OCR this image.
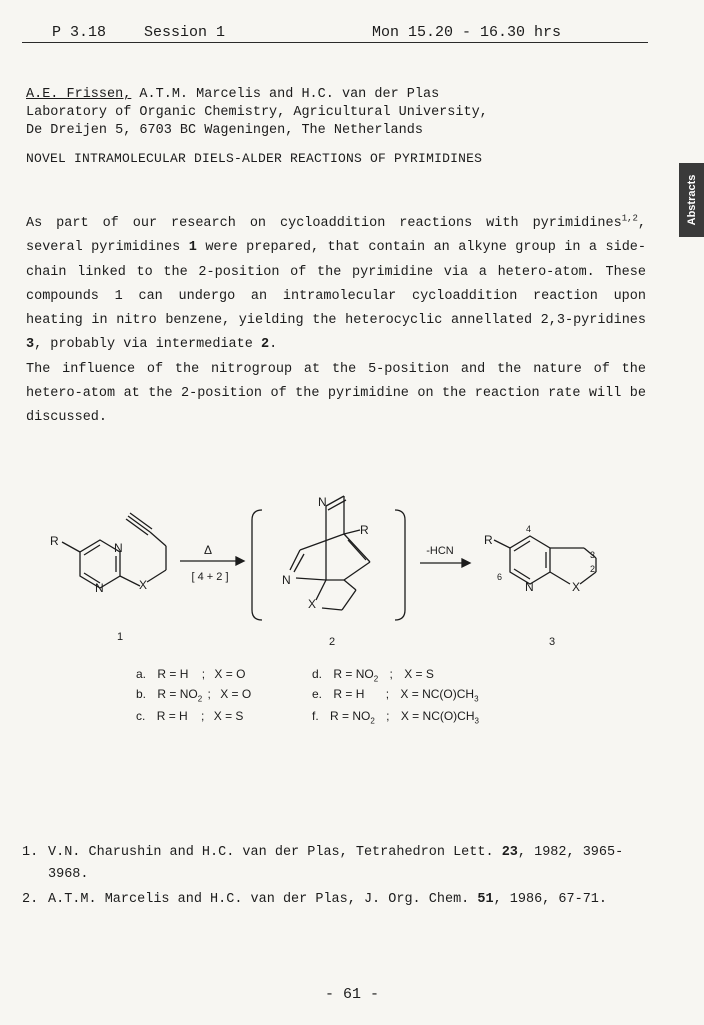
P 3.18	Session 1	Mon 15.20 - 16.30 hrs
Abstracts
A.E. Frissen, A.T.M. Marcelis and H.C. van der Plas
Laboratory of Organic Chemistry, Agricultural University,
De Dreijen 5, 6703 BC Wageningen, The Netherlands
NOVEL INTRAMOLECULAR DIELS-ALDER REACTIONS OF PYRIMIDINES

As part of our research on cycloaddition reactions with pyrimidines$^{1,2}$, several pyrimidines 1 were prepared, that contain an alkyne group in a side-chain linked to the 2-position of the pyrimidine via a hetero-atom. These compounds 1 can undergo an intramolecular cycloaddition reaction upon heating in nitro benzene, yielding the heterocyclic annellated 2,3-pyridines 3, probably via intermediate 2.

The influence of the nitrogroup at the 5-position and the nature of the hetero-atom at the 2-position of the pyrimidine on the reaction rate will be discussed.

R	N
N	X
Δ
[ 4 + 2 ]
N
R
N
X
-HCN
R
4
6
3
2
N	X
1	2	3
a. R = H ; X = O
b. $R = NO_2$ ; X = O
c. R = H ; X = S
d. $R = NO_2$ ; X = S
e. R = H ; $X = NC(O)CH_3$
f. $R = NO_2$ ; $X = NC(O)CH_3$
1. V.N. Charushin and H.C. van der Plas, Tetrahedron Lett. 23, 1982, 3965-3968.
2. A.T.M. Marcelis and H.C. van der Plas, J. Org. Chem. 51, 1986, 67-71.
- 61 -
